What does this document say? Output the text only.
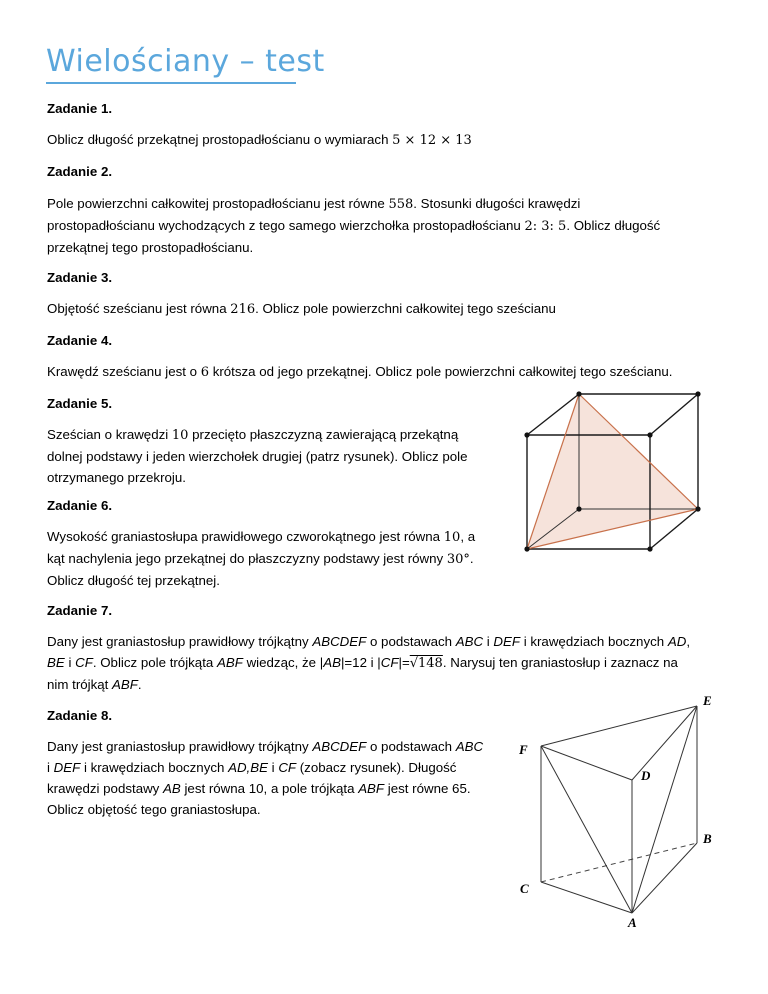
Wielościany – test
Zadanie 1.
Oblicz długość przekątnej prostopadłościanu o wymiarach 5 × 12 × 13
Zadanie 2.
Pole powierzchni całkowitej prostopadłościanu jest równe 558. Stosunki długości krawędzi
prostopadłościanu wychodzących z tego samego wierzchołka prostopadłościanu 2: 3: 5. Oblicz długość
przekątnej tego prostopadłościanu.
Zadanie 3.
Objętość sześcianu jest równa 216. Oblicz pole powierzchni całkowitej tego sześcianu
Zadanie 4.
Krawędź sześcianu jest o 6 krótsza od jego przekątnej. Oblicz pole powierzchni całkowitej tego sześcianu.
Zadanie 5.
Sześcian o krawędzi 10 przecięto płaszczyzną zawierającą przekątną
dolnej podstawy i jeden wierzchołek drugiej (patrz rysunek). Oblicz pole
otrzymanego przekroju.
Zadanie 6.
Wysokość graniastosłupa prawidłowego czworokątnego jest równa 10, a
kąt nachylenia jego przekątnej do płaszczyzny podstawy jest równy 30°.
Oblicz długość tej przekątnej.
Zadanie 7.
Dany jest graniastosłup prawidłowy trójkątny ABCDEF o podstawach ABC i DEF i krawędziach bocznych AD,
BE i CF. Oblicz pole trójkąta ABF wiedząc, że |AB|=12 i |CF|=√148. Narysuj ten graniastosłup i zaznacz na
nim trójkąt ABF.
Zadanie 8.
Dany jest graniastosłup prawidłowy trójkątny ABCDEF o podstawach ABC
i DEF i krawędziach bocznych AD,BE i CF (zobacz rysunek). Długość
krawędzi podstawy AB jest równa 10, a pole trójkąta ABF jest równe 65.
Oblicz objętość tego graniastosłupa.
E
F
D
B
C
A
